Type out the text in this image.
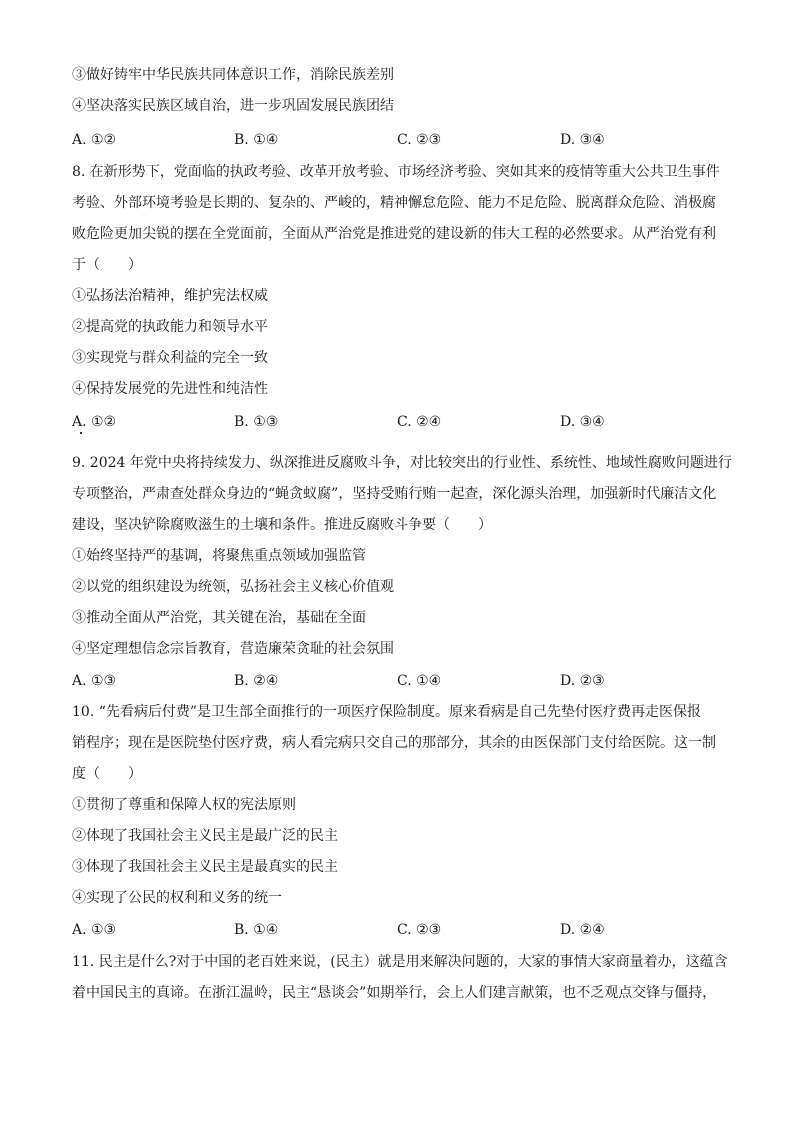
③做好铸牢中华民族共同体意识工作，消除民族差别
④坚决落实民族区域自治，进一步巩固发展民族团结
A. ①②	B. ①④	C. ②③	D. ③④
8. 在新形势下，党面临的执政考验、改革开放考验、市场经济考验、突如其来的疫情等重大公共卫生事件
考验、外部环境考验是长期的、复杂的、严峻的，精神懈怠危险、能力不足危险、脱离群众危险、消极腐
败危险更加尖锐的摆在全党面前，全面从严治党是推进党的建设新的伟大工程的必然要求。从严治党有利
于（　　）
①弘扬法治精神，维护宪法权威
②提高党的执政能力和领导水平
③实现党与群众利益的完全一致
④保持发展党的先进性和纯洁性
A. ①②	B. ①③	C. ②④	D. ③④
9. 2024 年党中央将持续发力、纵深推进反腐败斗争，对比较突出的行业性、系统性、地域性腐败问题进行
专项整治，严肃查处群众身边的“蝇贪蚁腐”，坚持受贿行贿一起查，深化源头治理，加强新时代廉洁文化
建设，坚决铲除腐败滋生的土壤和条件。推进反腐败斗争要（　　）
①始终坚持严的基调，将聚焦重点领域加强监管
②以党的组织建设为统领，弘扬社会主义核心价值观
③推动全面从严治党，其关键在治，基础在全面
④坚定理想信念宗旨教育，营造廉荣贪耻的社会氛围
A. ①③	B. ②④	C. ①④	D. ②③
10. “先看病后付费”是卫生部全面推行的一项医疗保险制度。原来看病是自己先垫付医疗费再走医保报
销程序；现在是医院垫付医疗费，病人看完病只交自己的那部分，其余的由医保部门支付给医院。这一制
度（　　）
①贯彻了尊重和保障人权的宪法原则
②体现了我国社会主义民主是最广泛的民主
③体现了我国社会主义民主是最真实的民主
④实现了公民的权利和义务的统一
A. ①③	B. ①④	C. ②③	D. ②④
11. 民主是什么?对于中国的老百姓来说，(民主）就是用来解决问题的，大家的事情大家商量着办，这蕴含
着中国民主的真谛。在浙江温岭，民主“恳谈会”如期举行，会上人们建言献策，也不乏观点交锋与僵持，
